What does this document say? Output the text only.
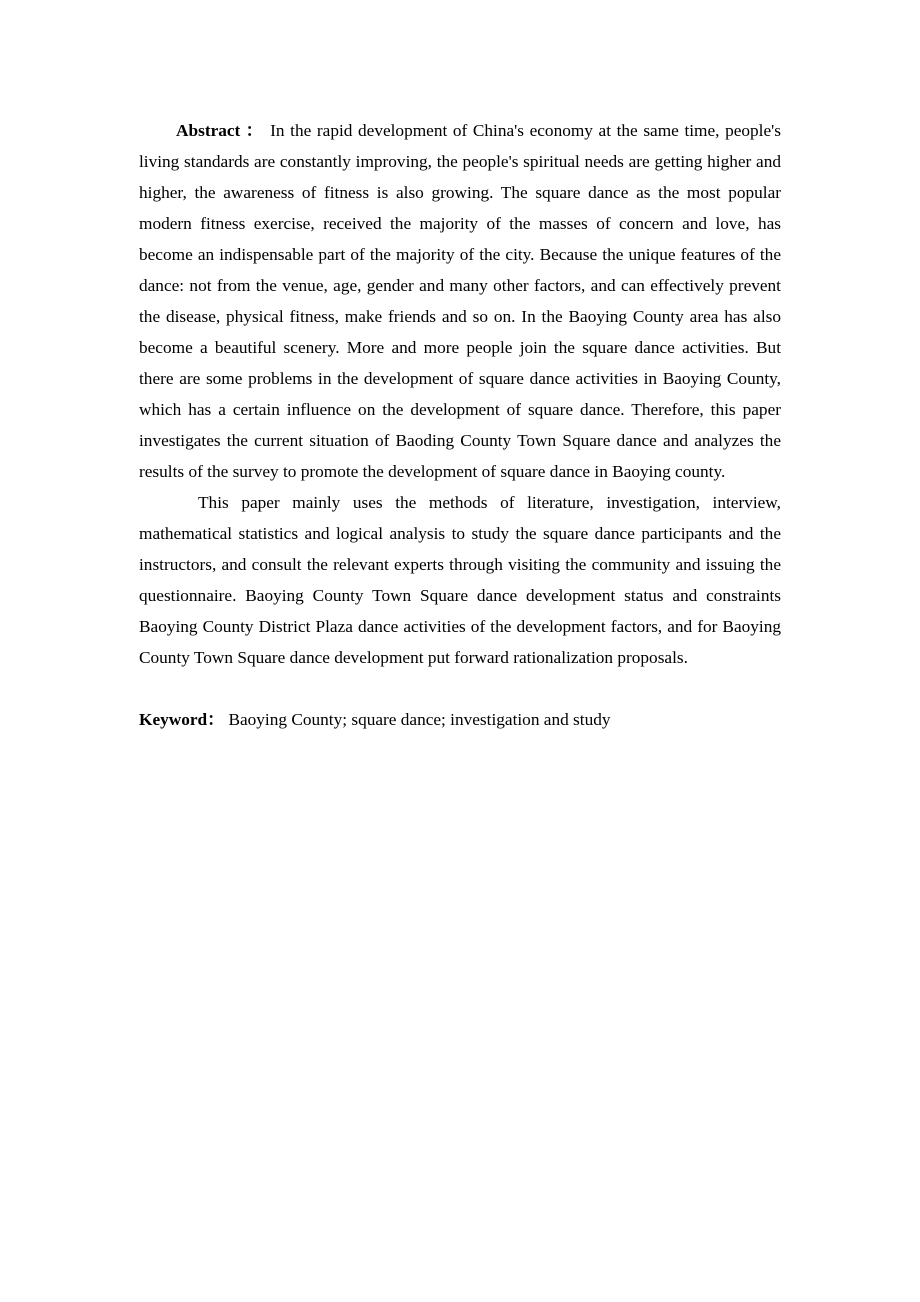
Abstract ： In the rapid development of China's economy at the same time, people's living standards are constantly improving, the people's spiritual needs are getting higher and higher, the awareness of fitness is also growing. The square dance as the most popular modern fitness exercise, received the majority of the masses of concern and love, has become an indispensable part of the majority of the city. Because the unique features of the dance: not from the venue, age, gender and many other factors, and can effectively prevent the disease, physical fitness, make friends and so on. In the Baoying County area has also become a beautiful scenery. More and more people join the square dance activities. But there are some problems in the development of square dance activities in Baoying County, which has a certain influence on the development of square dance. Therefore, this paper investigates the current situation of Baoding County Town Square dance and analyzes the results of the survey to promote the development of square dance in Baoying county.

This paper mainly uses the methods of literature, investigation, interview, mathematical statistics and logical analysis to study the square dance participants and the instructors, and consult the relevant experts through visiting the community and issuing the questionnaire. Baoying County Town Square dance development status and constraints Baoying County District Plaza dance activities of the development factors, and for Baoying County Town Square dance development put forward rationalization proposals.

Keyword： Baoying County; square dance; investigation and study
